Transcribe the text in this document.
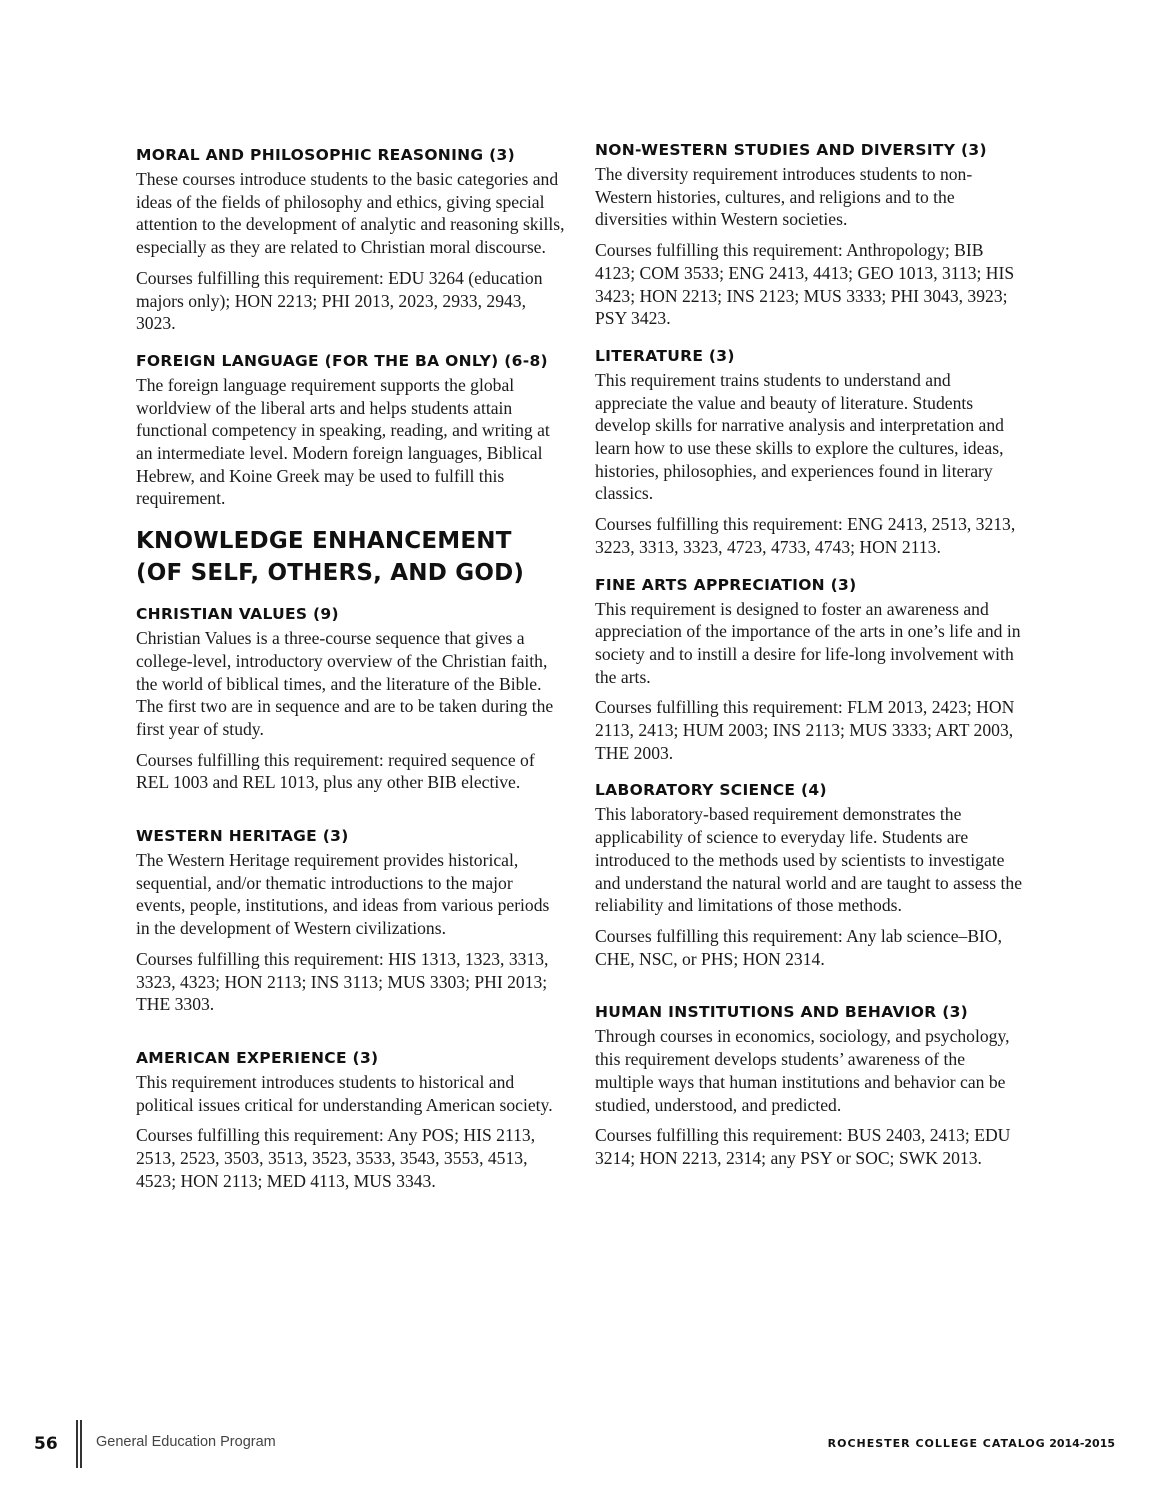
MORAL AND PHILOSOPHIC REASONING (3)

These courses introduce students to the basic categories and ideas of the fields of philosophy and ethics, giving special attention to the development of analytic and reasoning skills, especially as they are related to Christian moral discourse.

Courses fulfilling this requirement: EDU 3264 (education majors only); HON 2213; PHI 2013, 2023, 2933, 2943, 3023.

FOREIGN LANGUAGE (FOR THE BA ONLY) (6-8)

The foreign language requirement supports the global worldview of the liberal arts and helps students attain functional competency in speaking, reading, and writing at an intermediate level. Modern foreign languages, Biblical Hebrew, and Koine Greek may be used to fulfill this requirement.

KNOWLEDGE ENHANCEMENT
(OF SELF, OTHERS, AND GOD)
CHRISTIAN VALUES (9)

Christian Values is a three-course sequence that gives a college-level, introductory overview of the Christian faith, the world of biblical times, and the literature of the Bible. The first two are in sequence and are to be taken during the first year of study.

Courses fulfilling this requirement: required sequence of REL 1003 and REL 1013, plus any other BIB elective.

WESTERN HERITAGE (3)

The Western Heritage requirement provides historical, sequential, and/or thematic introductions to the major events, people, institutions, and ideas from various periods in the development of Western civilizations.

Courses fulfilling this requirement: HIS 1313, 1323, 3313, 3323, 4323; HON 2113; INS 3113; MUS 3303; PHI 2013; THE 3303.

AMERICAN EXPERIENCE (3)

This requirement introduces students to historical and political issues critical for understanding American society.

Courses fulfilling this requirement: Any POS; HIS 2113, 2513, 2523, 3503, 3513, 3523, 3533, 3543, 3553, 4513, 4523; HON 2113; MED 4113, MUS 3343.

NON-WESTERN STUDIES AND DIVERSITY (3)

The diversity requirement introduces students to non-Western histories, cultures, and religions and to the diversities within Western societies.

Courses fulfilling this requirement: Anthropology; BIB 4123; COM 3533; ENG 2413, 4413; GEO 1013, 3113; HIS 3423; HON 2213; INS 2123; MUS 3333; PHI 3043, 3923; PSY 3423.

LITERATURE (3)

This requirement trains students to understand and appreciate the value and beauty of literature. Students develop skills for narrative analysis and interpretation and learn how to use these skills to explore the cultures, ideas, histories, philosophies, and experiences found in literary classics.

Courses fulfilling this requirement: ENG 2413, 2513, 3213, 3223, 3313, 3323, 4723, 4733, 4743; HON 2113.

FINE ARTS APPRECIATION (3)

This requirement is designed to foster an awareness and appreciation of the importance of the arts in one’s life and in society and to instill a desire for life-long involvement with the arts.

Courses fulfilling this requirement: FLM 2013, 2423; HON 2113, 2413; HUM 2003; INS 2113; MUS 3333; ART 2003, THE 2003.

LABORATORY SCIENCE (4)

This laboratory-based requirement demonstrates the applicability of science to everyday life. Students are introduced to the methods used by scientists to investigate and understand the natural world and are taught to assess the reliability and limitations of those methods.

Courses fulfilling this requirement: Any lab science–BIO, CHE, NSC, or PHS; HON 2314.

HUMAN INSTITUTIONS AND BEHAVIOR (3)

Through courses in economics, sociology, and psychology, this requirement develops students’ awareness of the multiple ways that human institutions and behavior can be studied, understood, and predicted.

Courses fulfilling this requirement: BUS 2403, 2413; EDU 3214; HON 2213, 2314; any PSY or SOC; SWK 2013.

56	General Education Program	ROCHESTER COLLEGE CATALOG 2014-2015
